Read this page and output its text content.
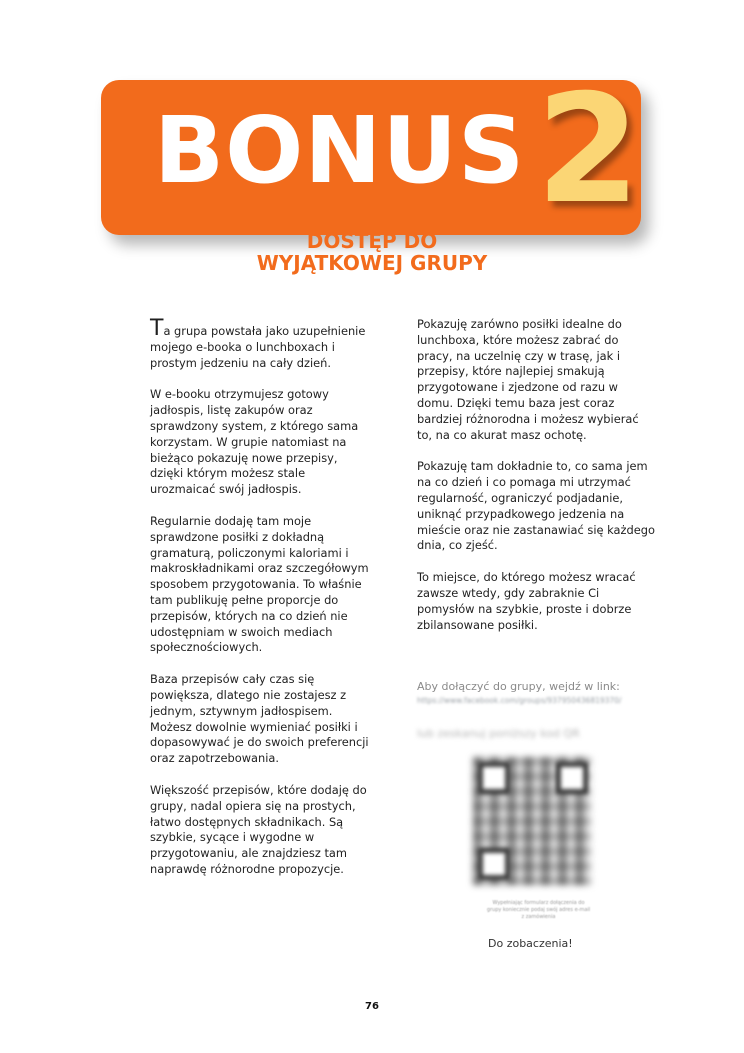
BONUS 2
DOSTĘP DO
WYJĄTKOWEJ GRUPY

Ta grupa powstała jako uzupełnienie mojego e-booka o lunchboxach i prostym jedzeniu na cały dzień.

W e-booku otrzymujesz gotowy jadłospis, listę zakupów oraz sprawdzony system, z którego sama korzystam. W grupie natomiast na bieżąco pokazuję nowe przepisy, dzięki którym możesz stale urozmaicać swój jadłospis.

Regularnie dodaję tam moje sprawdzone posiłki z dokładną gramaturą, policzonymi kaloriami i makroskładnikami oraz szczegółowym sposobem przygotowania. To właśnie tam publikuję pełne proporcje do przepisów, których na co dzień nie udostępniam w swoich mediach społecznościowych.

Baza przepisów cały czas się powiększa, dlatego nie zostajesz z jednym, sztywnym jadłospisem. Możesz dowolnie wymieniać posiłki i dopasowywać je do swoich preferencji oraz zapotrzebowania.

Większość przepisów, które dodaję do grupy, nadal opiera się na prostych, łatwo dostępnych składnikach. Są szybkie, sycące i wygodne w przygotowaniu, ale znajdziesz tam naprawdę różnorodne propozycje.

Pokazuję zarówno posiłki idealne do lunchboxa, które możesz zabrać do pracy, na uczelnię czy w trasę, jak i przepisy, które najlepiej smakują przygotowane i zjedzone od razu w domu. Dzięki temu baza jest coraz bardziej różnorodna i możesz wybierać to, na co akurat masz ochotę.

Pokazuję tam dokładnie to, co sama jem na co dzień i co pomaga mi utrzymać regularność, ograniczyć podjadanie, uniknąć przypadkowego jedzenia na mieście oraz nie zastanawiać się każdego dnia, co zjeść.

To miejsce, do którego możesz wracać zawsze wtedy, gdy zabraknie Ci pomysłów na szybkie, proste i dobrze zbilansowane posiłki.

Aby dołączyć do grupy, wejdź w link:
https://www.facebook.com/groups/937950436819370/
lub zeskanuj poniższy kod QR
Wypełniając formularz dołączenia do grupy koniecznie podaj swój adres e-mail z zamówienia
Do zobaczenia!
76
